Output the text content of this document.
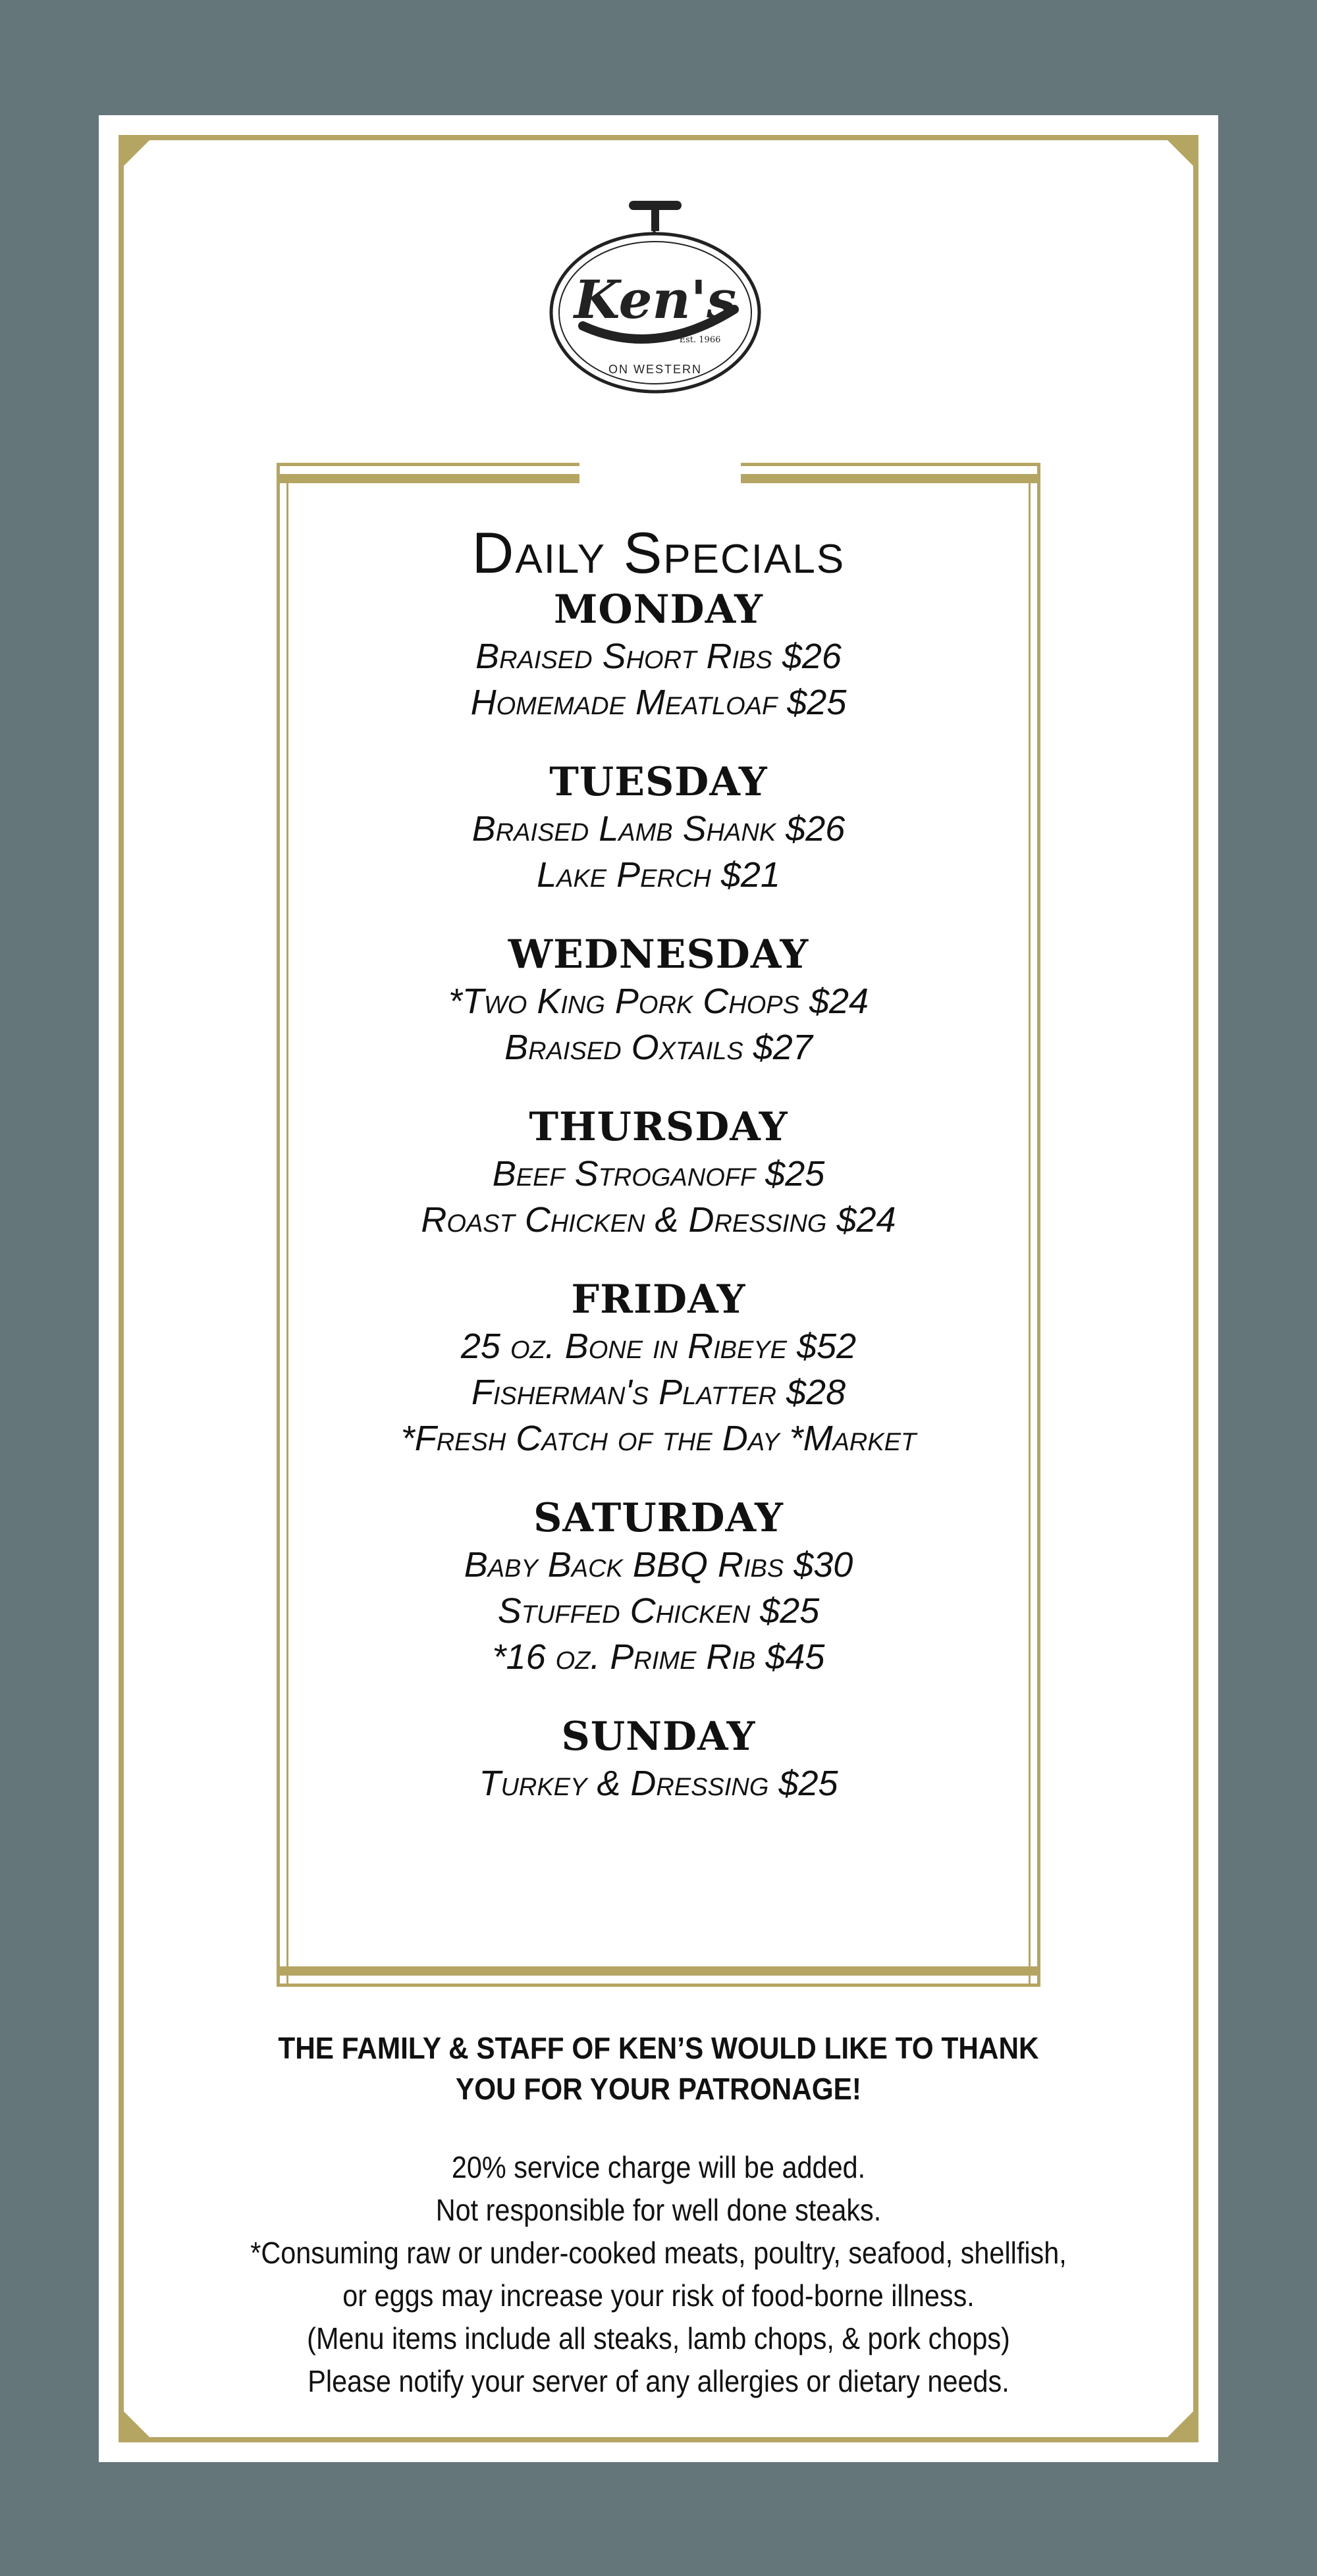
Ken's
Est. 1966
ON WESTERN
Daily Specials
MONDAY
Braised Short Ribs $26
Homemade Meatloaf $25
TUESDAY
Braised Lamb Shank $26
Lake Perch $21
WEDNESDAY
*Two King Pork Chops $24
Braised Oxtails $27
THURSDAY
Beef Stroganoff $25
Roast Chicken & Dressing $24
FRIDAY
25 oz. Bone in Ribeye $52
Fisherman's Platter $28
*Fresh Catch of the Day *Market
SATURDAY
Baby Back BBQ Ribs $30
Stuffed Chicken $25
*16 oz. Prime Rib $45
SUNDAY
Turkey & Dressing $25
THE FAMILY & STAFF OF KEN’S WOULD LIKE TO THANK YOU FOR YOUR PATRONAGE!
20% service charge will be added.
Not responsible for well done steaks.
*Consuming raw or under-cooked meats, poultry, seafood, shellfish,
or eggs may increase your risk of food-borne illness.
(Menu items include all steaks, lamb chops, & pork chops)
Please notify your server of any allergies or dietary needs.
